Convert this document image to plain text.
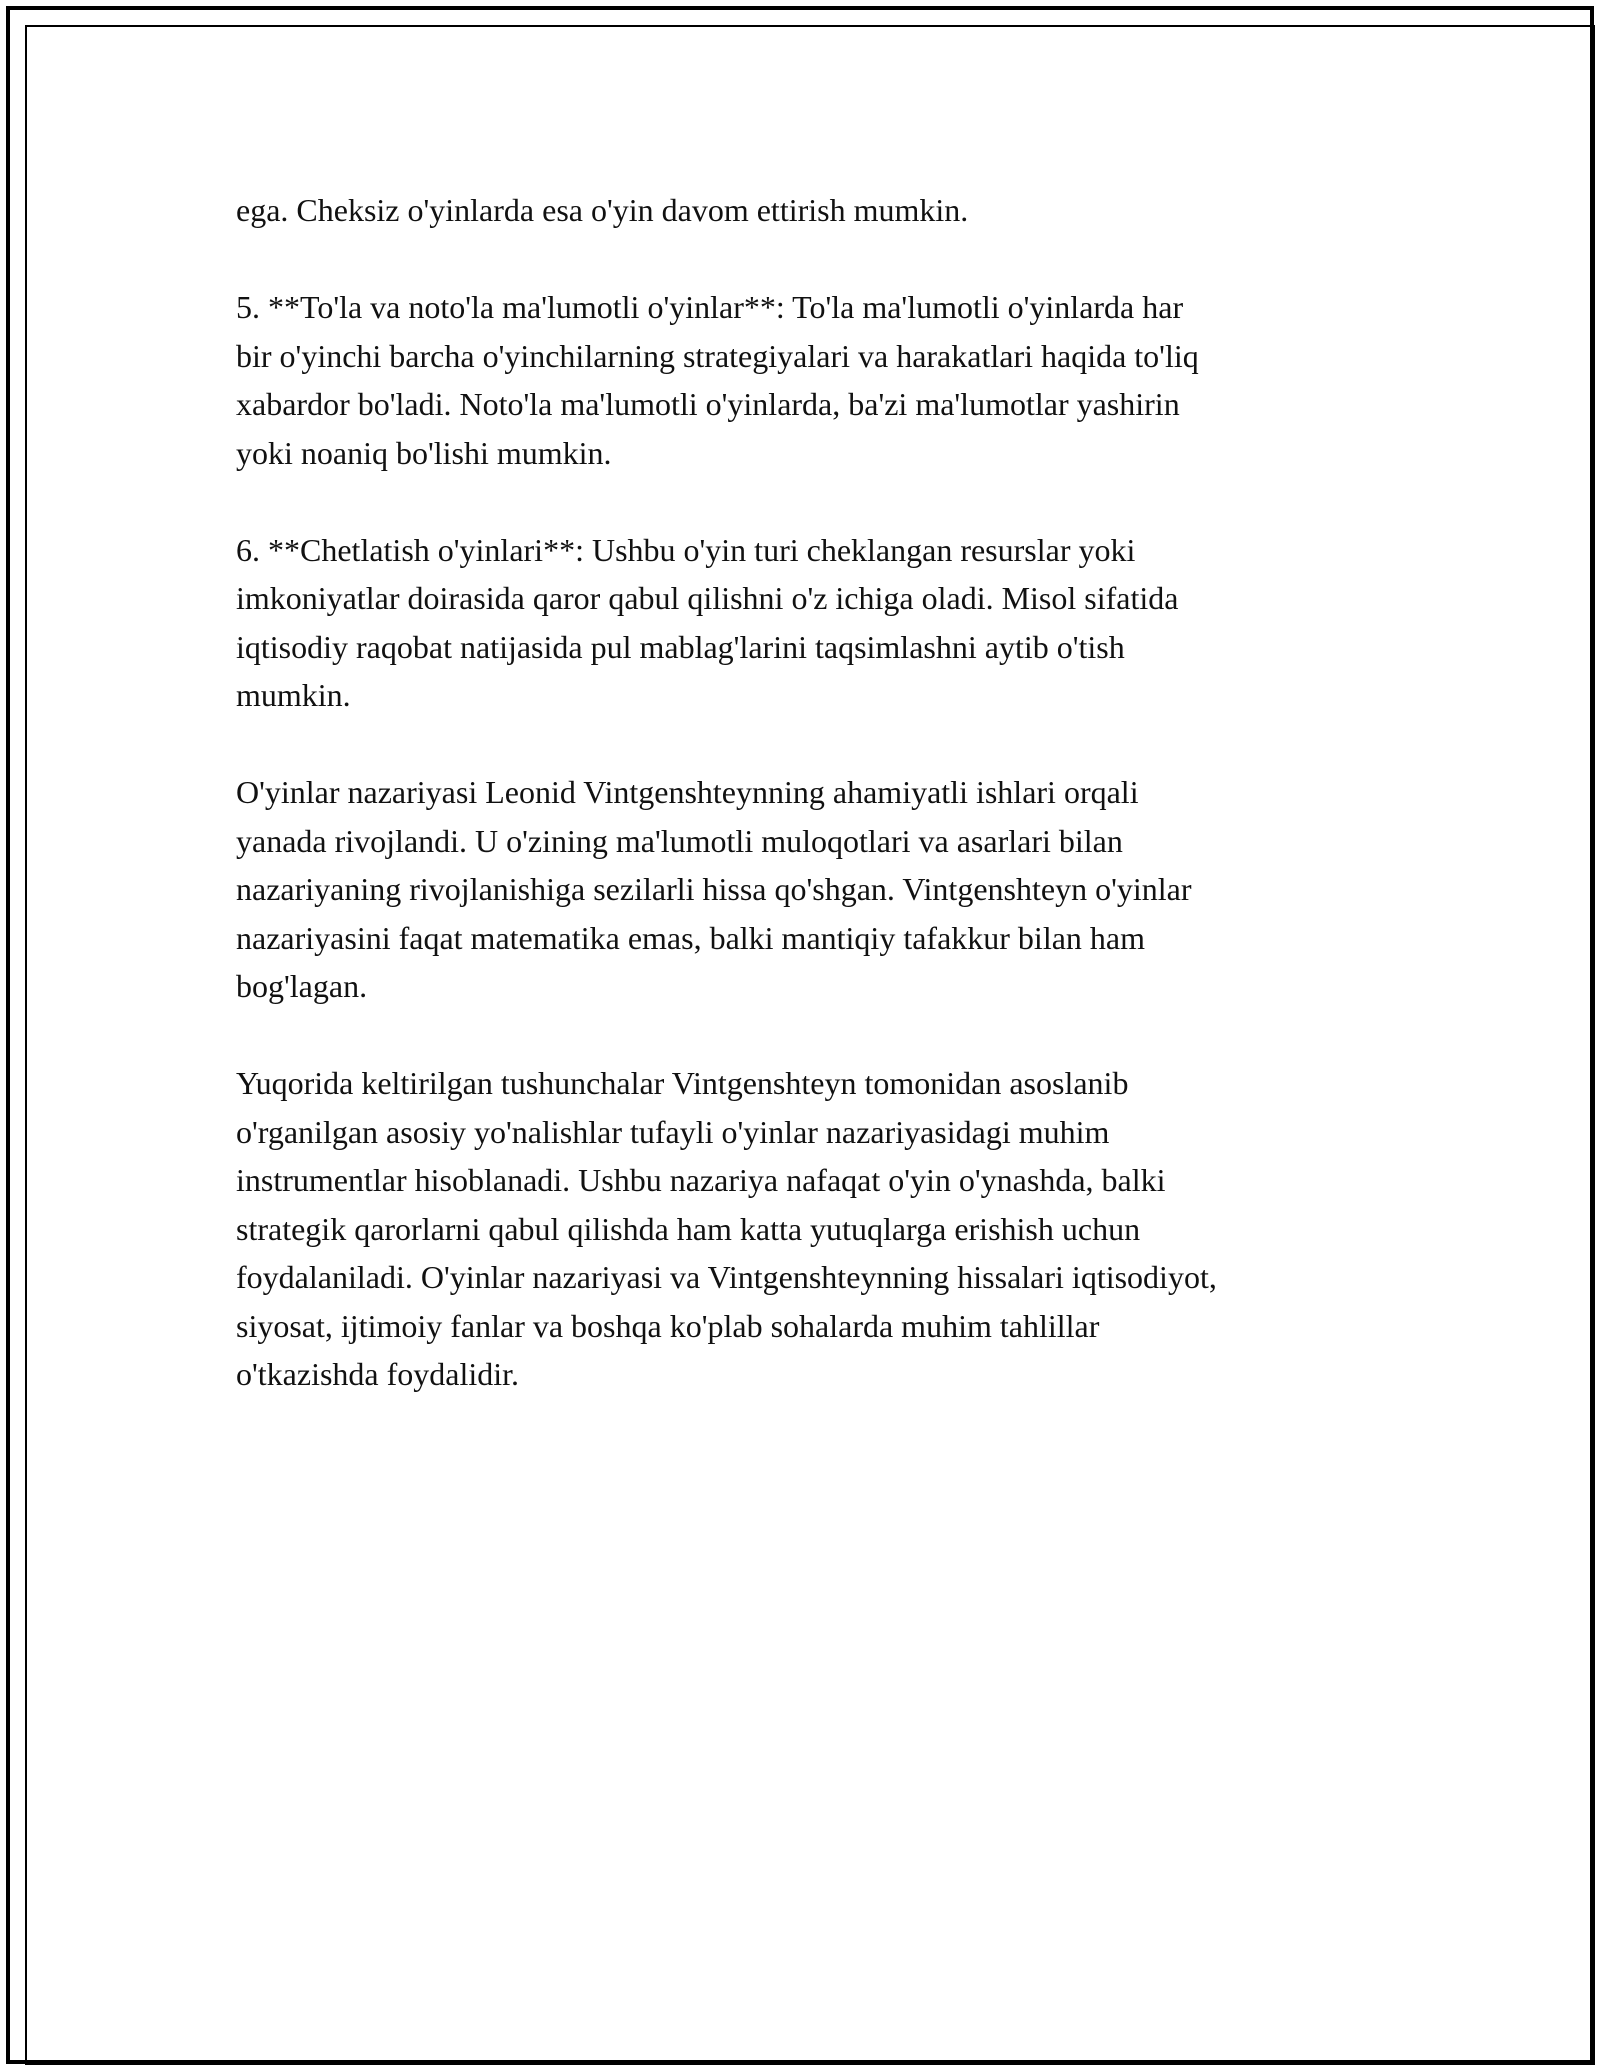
ega. Cheksiz o'yinlarda esa o'yin davom ettirish mumkin.

5. **To'la va noto'la ma'lumotli o'yinlar**: To'la ma'lumotli o'yinlarda har
bir o'yinchi barcha o'yinchilarning strategiyalari va harakatlari haqida to'liq
xabardor bo'ladi. Noto'la ma'lumotli o'yinlarda, ba'zi ma'lumotlar yashirin
yoki noaniq bo'lishi mumkin.

6. **Chetlatish o'yinlari**: Ushbu o'yin turi cheklangan resurslar yoki
imkoniyatlar doirasida qaror qabul qilishni o'z ichiga oladi. Misol sifatida
iqtisodiy raqobat natijasida pul mablag'larini taqsimlashni aytib o'tish
mumkin.

O'yinlar nazariyasi Leonid Vintgenshteynning ahamiyatli ishlari orqali
yanada rivojlandi. U o'zining ma'lumotli muloqotlari va asarlari bilan
nazariyaning rivojlanishiga sezilarli hissa qo'shgan. Vintgenshteyn o'yinlar
nazariyasini faqat matematika emas, balki mantiqiy tafakkur bilan ham
bog'lagan.

Yuqorida keltirilgan tushunchalar Vintgenshteyn tomonidan asoslanib
o'rganilgan asosiy yo'nalishlar tufayli o'yinlar nazariyasidagi muhim
instrumentlar hisoblanadi. Ushbu nazariya nafaqat o'yin o'ynashda, balki
strategik qarorlarni qabul qilishda ham katta yutuqlarga erishish uchun
foydalaniladi. O'yinlar nazariyasi va Vintgenshteynning hissalari iqtisodiyot,
siyosat, ijtimoiy fanlar va boshqa ko'plab sohalarda muhim tahlillar
o'tkazishda foydalidir.
